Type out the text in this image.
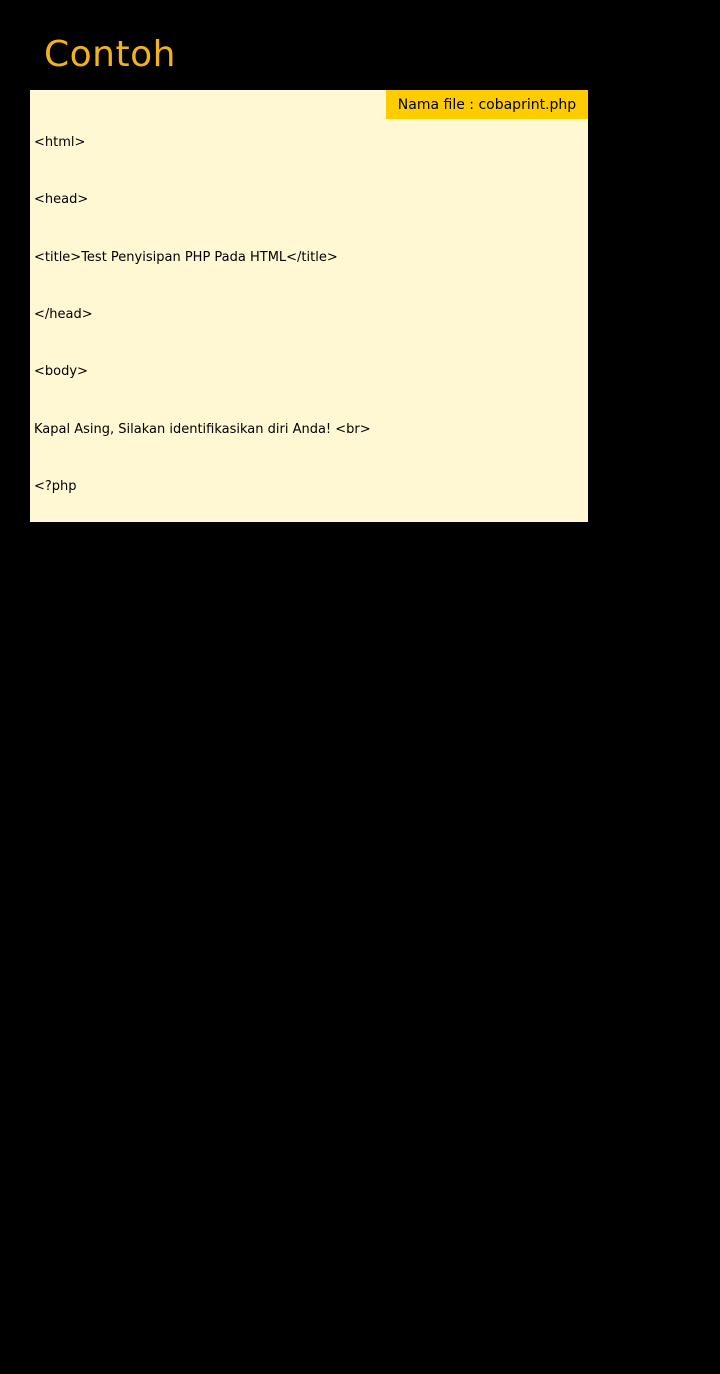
Contoh

<html>

<head>

<title>Test Penyisipan PHP Pada HTML</title>

</head>

<body>

Kapal Asing, Silakan identifikasikan diri Anda! <br>

<?php

// Berikut ini adalah inisiasi beberapa variabel

$namad = "Bejo";

$namat = "Noto";

$namab = "Negoro";

?>

<b>Ini adalah kapal Federasi Planet USS Enterprise.<br>

<?php

print("Saya $namad,$namat,$namab,kapten kapal.</b>");

// contoh print tidak bisa menampilkan data seperti dibawah ini

print "Saya", $namad,$namat,$namab; // apabila di run akan terjadi kesalahan

echo "<br>";

echo "saya", $namad,$namat,$namab;

?>

</body>

</html>

Nama file : cobaprint.php
